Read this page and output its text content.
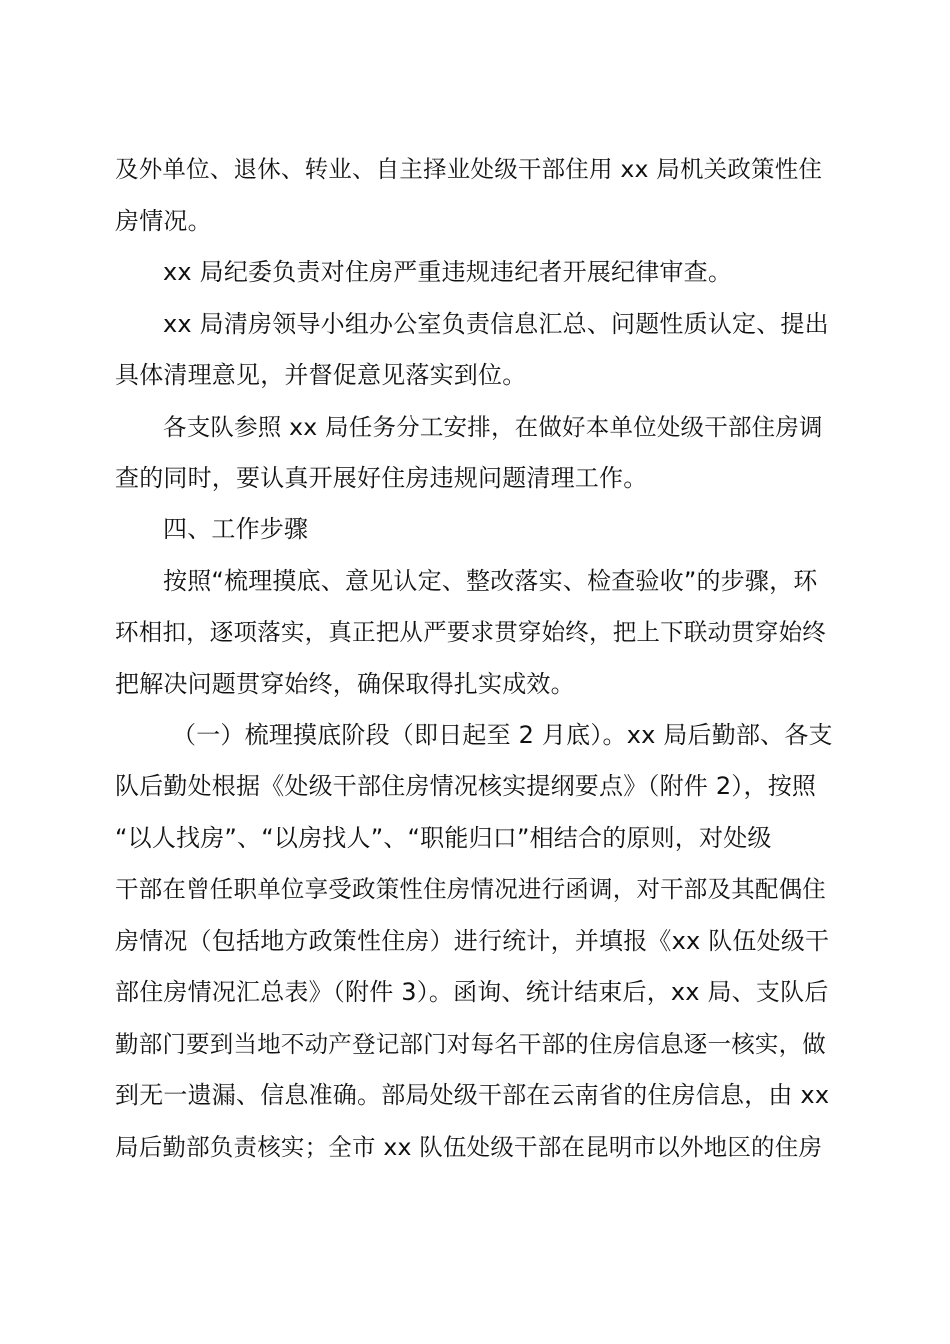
及外单位、退休、转业、自主择业处级干部住用 xx 局机关政策性住
房情况。
xx 局纪委负责对住房严重违规违纪者开展纪律审查。
xx 局清房领导小组办公室负责信息汇总、问题性质认定、提出
具体清理意见，并督促意见落实到位。
各支队参照 xx 局任务分工安排，在做好本单位处级干部住房调
查的同时，要认真开展好住房违规问题清理工作。
四、工作步骤
按照“梳理摸底、意见认定、整改落实、检查验收”的步骤，环
环相扣，逐项落实，真正把从严要求贯穿始终，把上下联动贯穿始终
把解决问题贯穿始终，确保取得扎实成效。
（一）梳理摸底阶段（即日起至 2 月底）。xx 局后勤部、各支
队后勤处根据《处级干部住房情况核实提纲要点》（附件 2），按照
“以人找房”、“以房找人”、“职能归口”相结合的原则，对处级
干部在曾任职单位享受政策性住房情况进行函调，对干部及其配偶住
房情况（包括地方政策性住房）进行统计，并填报《xx 队伍处级干
部住房情况汇总表》（附件 3）。函询、统计结束后，xx 局、支队后
勤部门要到当地不动产登记部门对每名干部的住房信息逐一核实，做
到无一遗漏、信息准确。部局处级干部在云南省的住房信息，由 xx
局后勤部负责核实；全市 xx 队伍处级干部在昆明市以外地区的住房
